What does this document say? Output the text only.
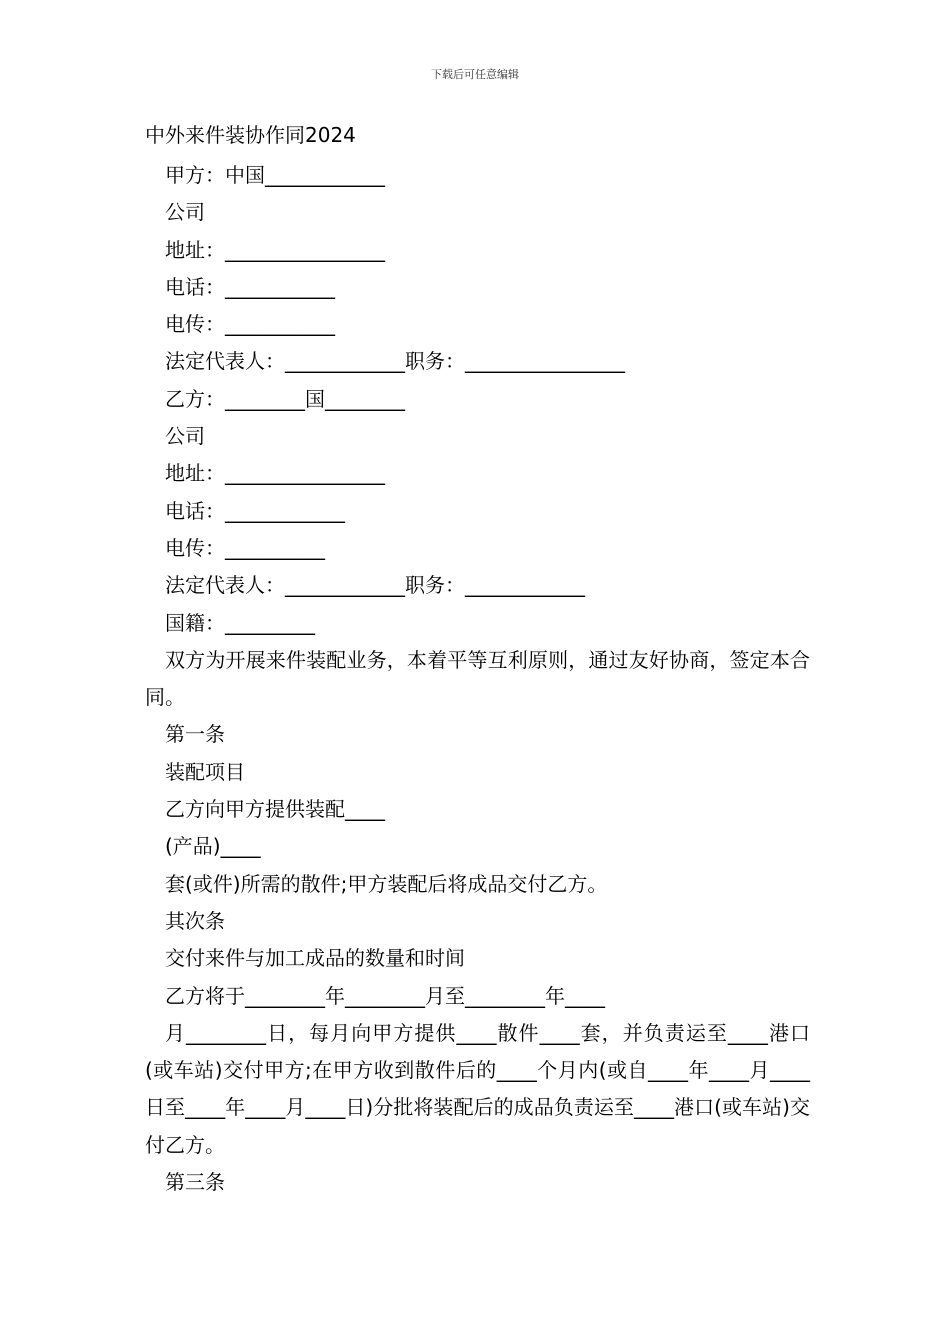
下载后可任意编辑
中外来件装协作同2024
甲方：中国____________
公司
地址：________________
电话：___________
电传：___________
法定代表人：____________职务：________________
乙方：________国________
公司
地址：________________
电话：____________
电传：__________
法定代表人：____________职务：____________
国籍：_________
双方为开展来件装配业务，本着平等互利原则，通过友好协商，签定本合同。
第一条
装配项目
乙方向甲方提供装配____
(产品)____
套(或件)所需的散件;甲方装配后将成品交付乙方。
其次条
交付来件与加工成品的数量和时间
乙方将于________年________月至________年____
月________日，每月向甲方提供____散件____套，并负责运至____港口(或车站)交付甲方;在甲方收到散件后的____个月内(或自____年____月____日至____年____月____日)分批将装配后的成品负责运至____港口(或车站)交付乙方。
第三条
